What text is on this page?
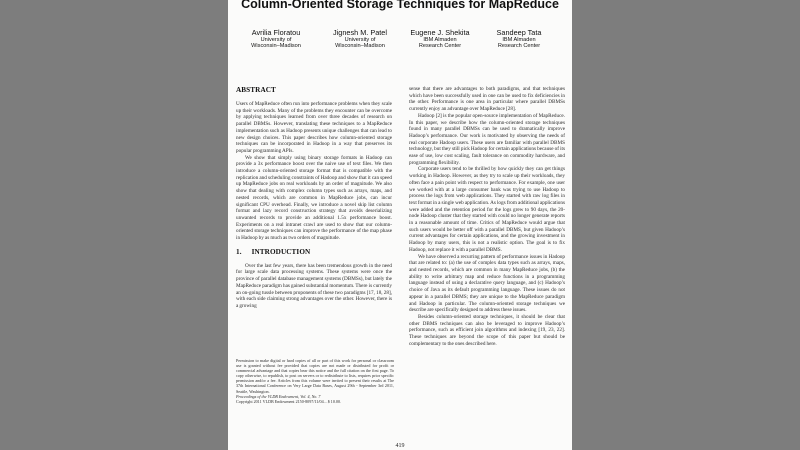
Column-Oriented Storage Techniques for MapReduce
Avrilia Floratou
University of
Wisconsin–Madison
Jignesh M. Patel
University of
Wisconsin–Madison
Eugene J. Shekita
IBM Almaden
Research Center
Sandeep Tata
IBM Almaden
Research Center
ABSTRACT

Users of MapReduce often run into performance problems when they scale up their workloads. Many of the problems they encounter can be overcome by applying techniques learned from over three decades of research on parallel DBMSs. However, translating these techniques to a MapReduce implementation such as Hadoop presents unique challenges that can lead to new design choices. This paper describes how column-oriented storage techniques can be incorporated in Hadoop in a way that preserves its popular programming APIs.

We show that simply using binary storage formats in Hadoop can provide a 3x performance boost over the naive use of text files. We then introduce a column-oriented storage format that is compatible with the replication and scheduling constraints of Hadoop and show that it can speed up MapReduce jobs on real workloads by an order of magnitude. We also show that dealing with complex column types such as arrays, maps, and nested records, which are common in MapReduce jobs, can incur significant CPU overhead. Finally, we introduce a novel skip list column format and lazy record construction strategy that avoids deserializing unwanted records to provide an additional 1.5x performance boost. Experiments on a real intranet crawl are used to show that our column-oriented storage techniques can improve the performance of the map phase in Hadoop by as much as two orders of magnitude.

1. INTRODUCTION

Over the last few years, there has been tremendous growth in the need for large scale data processing systems. These systems were once the province of parallel database management systems (DBMSs), but lately the MapReduce paradigm has gained substantial momentum. There is currently an on-going tussle between proponents of these two paradigms [17, 18, 28], with each side claiming strong advantages over the other. However, there is a growing

sense that there are advantages to both paradigms, and that techniques which have been successfully used in one can be used to fix deficiencies in the other. Performance is one area in particular where parallel DBMSs currently enjoy an advantage over MapReduce [28].

Hadoop [2] is the popular open-source implementation of MapReduce. In this paper, we describe how the column-oriented storage techniques found in many parallel DBMSs can be used to dramatically improve Hadoop’s performance. Our work is motivated by observing the needs of real corporate Hadoop users. These users are familiar with parallel DBMS technology, but they still pick Hadoop for certain applications because of its ease of use, low cost scaling, fault tolerance on commodity hardware, and programming flexibility.

Corporate users tend to be thrilled by how quickly they can get things working in Hadoop. However, as they try to scale up their workloads, they often face a pain point with respect to performance. For example, one user we worked with at a large consumer bank was trying to use Hadoop to process the logs from web applications. They started with raw log files in text format in a single web application. As logs from additional applications were added and the retention period for the logs grew to 90 days, the 20-node Hadoop cluster that they started with could no longer generate reports in a reasonable amount of time. Critics of MapReduce would argue that such users would be better off with a parallel DBMS, but given Hadoop’s current advantages for certain applications, and the growing investment in Hadoop by many users, this is not a realistic option. The goal is to fix Hadoop, not replace it with a parallel DBMS.

We have observed a recurring pattern of performance issues in Hadoop that are related to: (a) the use of complex data types such as arrays, maps, and nested records, which are common in many MapReduce jobs, (b) the ability to write arbitrary map and reduce functions in a programming language instead of using a declarative query language, and (c) Hadoop’s choice of Java as its default programming language. These issues do not appear in a parallel DBMS; they are unique to the MapReduce paradigm and Hadoop in particular. The column-oriented storage techniques we describe are specifically designed to address these issues.

Besides column-oriented storage techniques, it should be clear that other DBMS techniques can also be leveraged to improve Hadoop’s performance, such as efficient join algorithms and indexing [19, 23, 22]. These techniques are beyond the scope of this paper but should be complementary to the ones described here.

Permission to make digital or hard copies of all or part of this work for personal or classroom use is granted without fee provided that copies are not made or distributed for profit or commercial advantage and that copies bear this notice and the full citation on the first page. To copy otherwise, to republish, to post on servers or to redistribute to lists, requires prior specific permission and/or a fee. Articles from this volume were invited to present their results at The 37th International Conference on Very Large Data Bases, August 29th - September 3rd 2011, Seattle, Washington.
Proceedings of the VLDB Endowment, Vol. 4, No. 7
Copyright 2011 VLDB Endowment 2150-8097/11/04... $ 10.00.
419
